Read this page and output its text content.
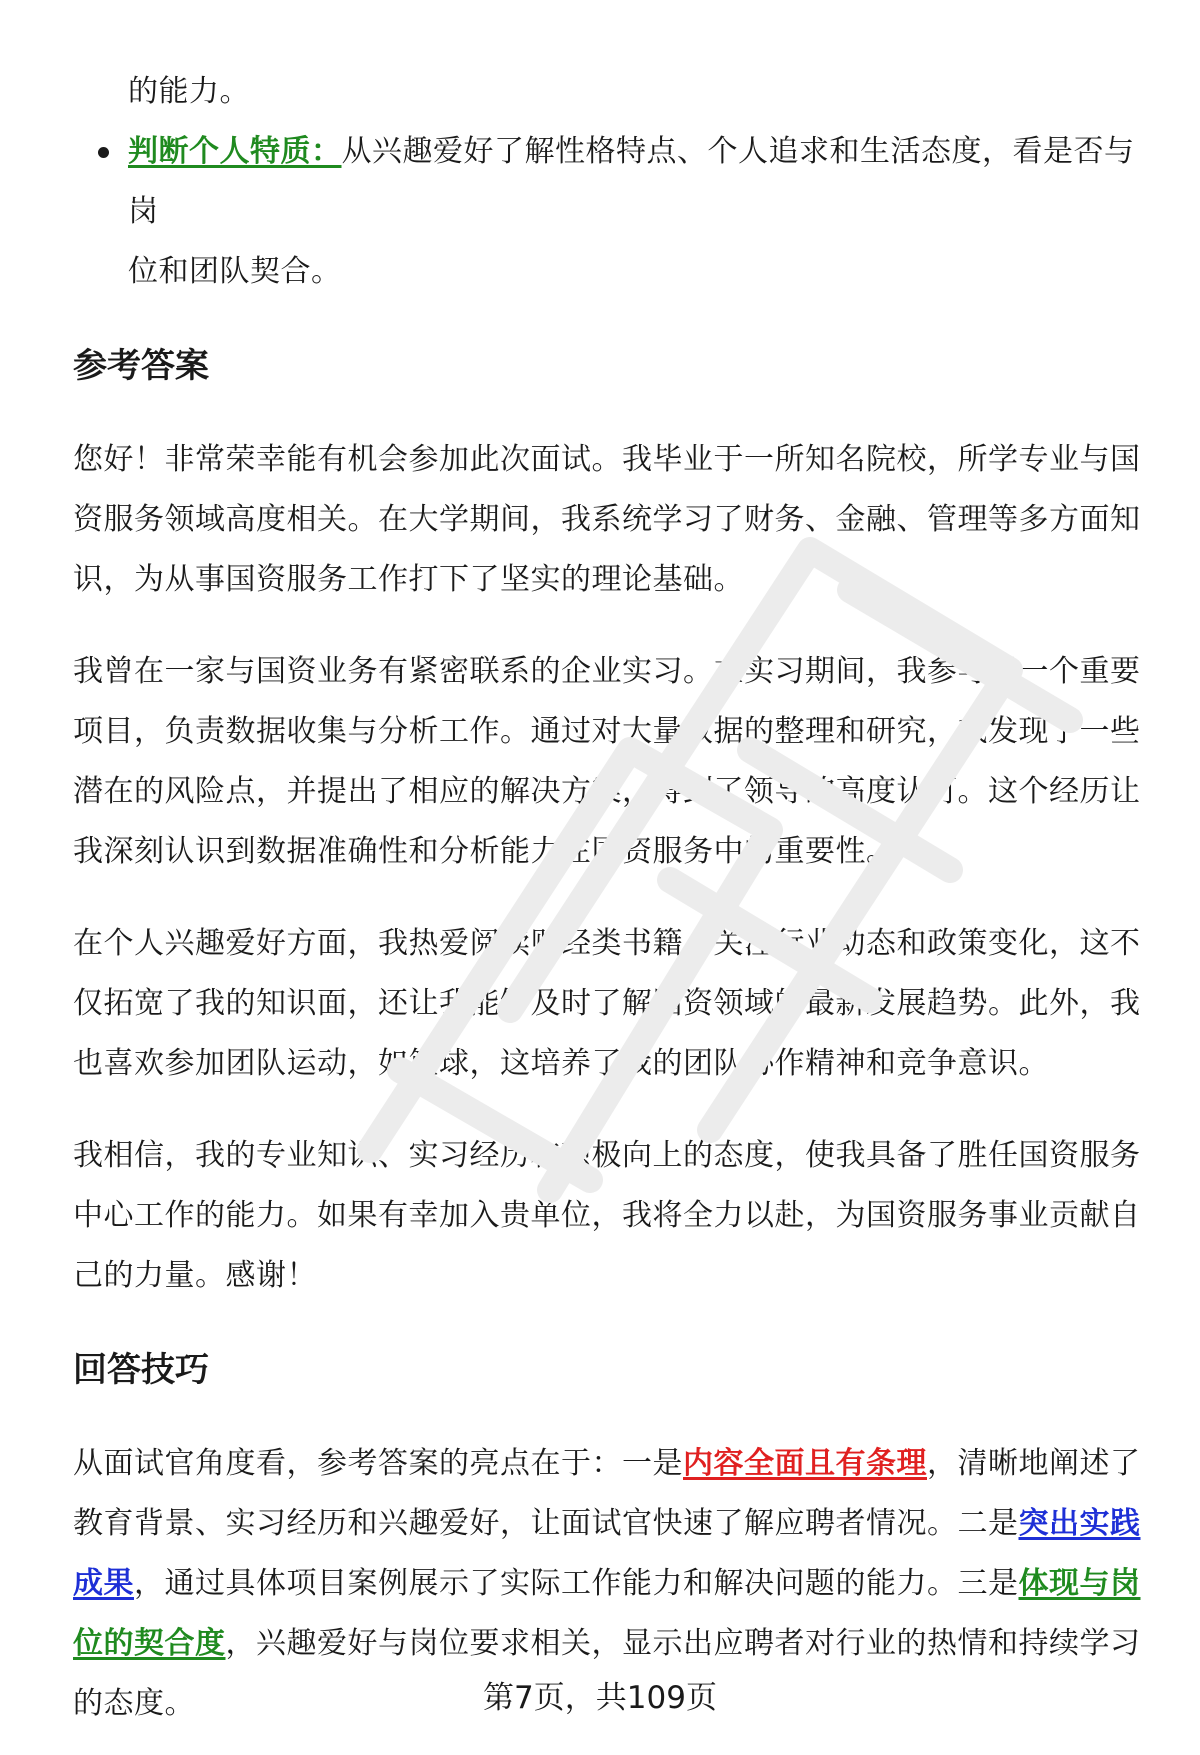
的能力。

判断个人特质：从兴趣爱好了解性格特点、个人追求和生活态度，看是否与岗

位和团队契合。

参考答案

您好！非常荣幸能有机会参加此次面试。我毕业于一所知名院校，所学专业与国资服务领域高度相关。在大学期间，我系统学习了财务、金融、管理等多方面知识，为从事国资服务工作打下了坚实的理论基础。

我曾在一家与国资业务有紧密联系的企业实习。在实习期间，我参与了一个重要项目，负责数据收集与分析工作。通过对大量数据的整理和研究，我发现了一些潜在的风险点，并提出了相应的解决方案，得到了领导的高度认可。这个经历让我深刻认识到数据准确性和分析能力在国资服务中的重要性。

在个人兴趣爱好方面，我热爱阅读财经类书籍，关注行业动态和政策变化，这不仅拓宽了我的知识面，还让我能够及时了解国资领域的最新发展趋势。此外，我也喜欢参加团队运动，如篮球，这培养了我的团队协作精神和竞争意识。

我相信，我的专业知识、实习经历和积极向上的态度，使我具备了胜任国资服务中心工作的能力。如果有幸加入贵单位，我将全力以赴，为国资服务事业贡献自己的力量。感谢！

回答技巧

从面试官角度看，参考答案的亮点在于：一是内容全面且有条理，清晰地阐述了教育背景、实习经历和兴趣爱好，让面试官快速了解应聘者情况。二是突出实践成果，通过具体项目案例展示了实际工作能力和解决问题的能力。三是体现与岗位的契合度，兴趣爱好与岗位要求相关，显示出应聘者对行业的热情和持续学习的态度。	第7页，共109页
